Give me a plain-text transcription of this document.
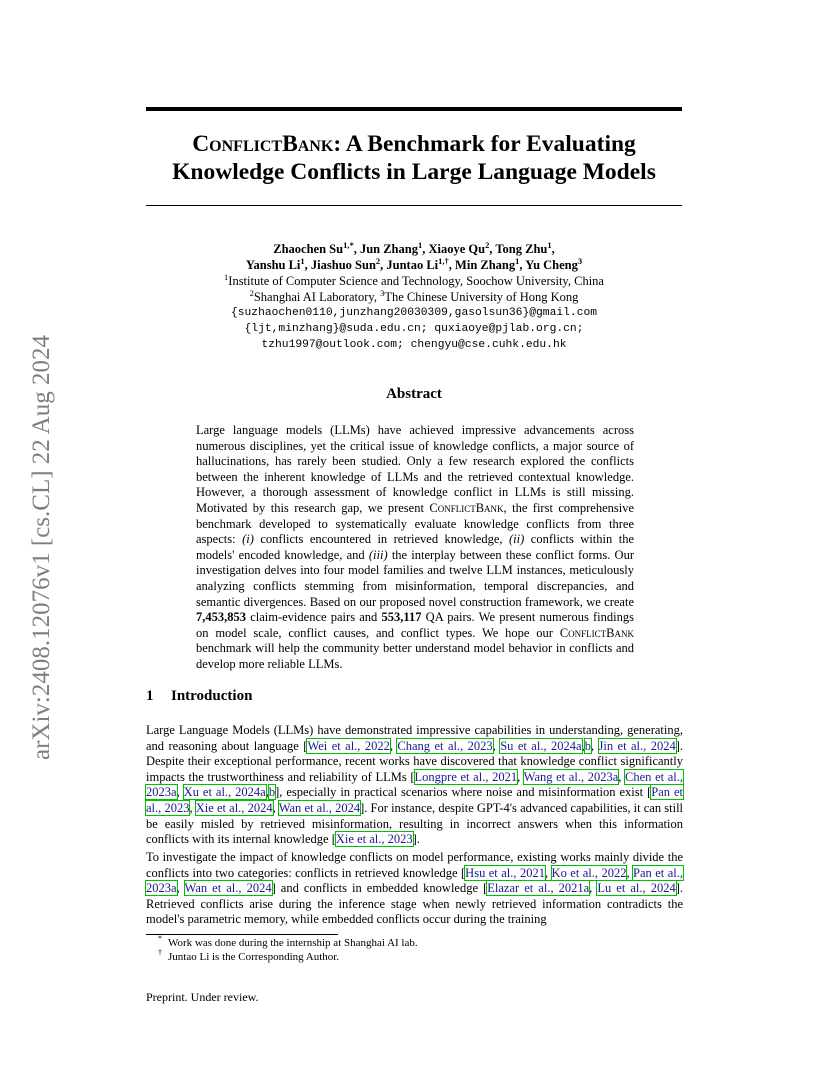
arXiv:2408.12076v1 [cs.CL] 22 Aug 2024
ConflictBank: A Benchmark for Evaluating
Knowledge Conflicts in Large Language Models
Zhaochen $Su^{1,*}$, Jun Zhang$^1$, Xiaoye Qu$^2$, Tong Zhu$^1$,
Yanshu Li$^1$, Jiashuo Sun$^2$, Juntao $Li^{1,\dagger}$, Min Zhang$^1$, Yu Cheng$^3$
$^1$Institute of Computer Science and Technology, Soochow University, China
$^2$Shanghai AI Laboratory, $^3$The Chinese University of Hong Kong
{suzhaochen0110,junzhang20030309,gasolsun36}@gmail.com
{ljt,minzhang}@suda.edu.cn; quxiaoye@pjlab.org.cn;
tzhu1997@outlook.com; chengyu@cse.cuhk.edu.hk
Abstract
Large language models (LLMs) have achieved impressive advancements across numerous disciplines, yet the critical issue of knowledge conflicts, a major source of hallucinations, has rarely been studied. Only a few research explored the conflicts between the inherent knowledge of LLMs and the retrieved contextual knowledge. However, a thorough assessment of knowledge conflict in LLMs is still missing. Motivated by this research gap, we present ConflictBank, the first comprehensive benchmark developed to systematically evaluate knowledge conflicts from three aspects: (i) conflicts encountered in retrieved knowledge, (ii) conflicts within the models' encoded knowledge, and (iii) the interplay between these conflict forms. Our investigation delves into four model families and twelve LLM instances, meticulously analyzing conflicts stemming from misinformation, temporal discrepancies, and semantic divergences. Based on our proposed novel construction framework, we create 7,453,853 claim-evidence pairs and 553,117 QA pairs. We present numerous findings on model scale, conflict causes, and conflict types. We hope our ConflictBank benchmark will help the community better understand model behavior in conflicts and develop more reliable LLMs.
1 Introduction
Large Language Models (LLMs) have demonstrated impressive capabilities in understanding, generating, and reasoning about language [Wei et al., 2022, Chang et al., 2023, Su et al., 2024a,b, Jin et al., 2024]. Despite their exceptional performance, recent works have discovered that knowledge conflict significantly impacts the trustworthiness and reliability of LLMs [Longpre et al., 2021, Wang et al., 2023a, Chen et al., 2023a, Xu et al., 2024a,b], especially in practical scenarios where noise and misinformation exist [Pan et al., 2023, Xie et al., 2024, Wan et al., 2024]. For instance, despite GPT-4's advanced capabilities, it can still be easily misled by retrieved misinformation, resulting in incorrect answers when this information conflicts with its internal knowledge [Xie et al., 2023].
To investigate the impact of knowledge conflicts on model performance, existing works mainly divide the conflicts into two categories: conflicts in retrieved knowledge [Hsu et al., 2021, Ko et al., 2022, Pan et al., 2023a, Wan et al., 2024] and conflicts in embedded knowledge [Elazar et al., 2021a, Lu et al., 2024]. Retrieved conflicts arise during the inference stage when newly retrieved information contradicts the model's parametric memory, while embedded conflicts occur during the training
* Work was done during the internship at Shanghai AI lab.
† Juntao Li is the Corresponding Author.
Preprint. Under review.
